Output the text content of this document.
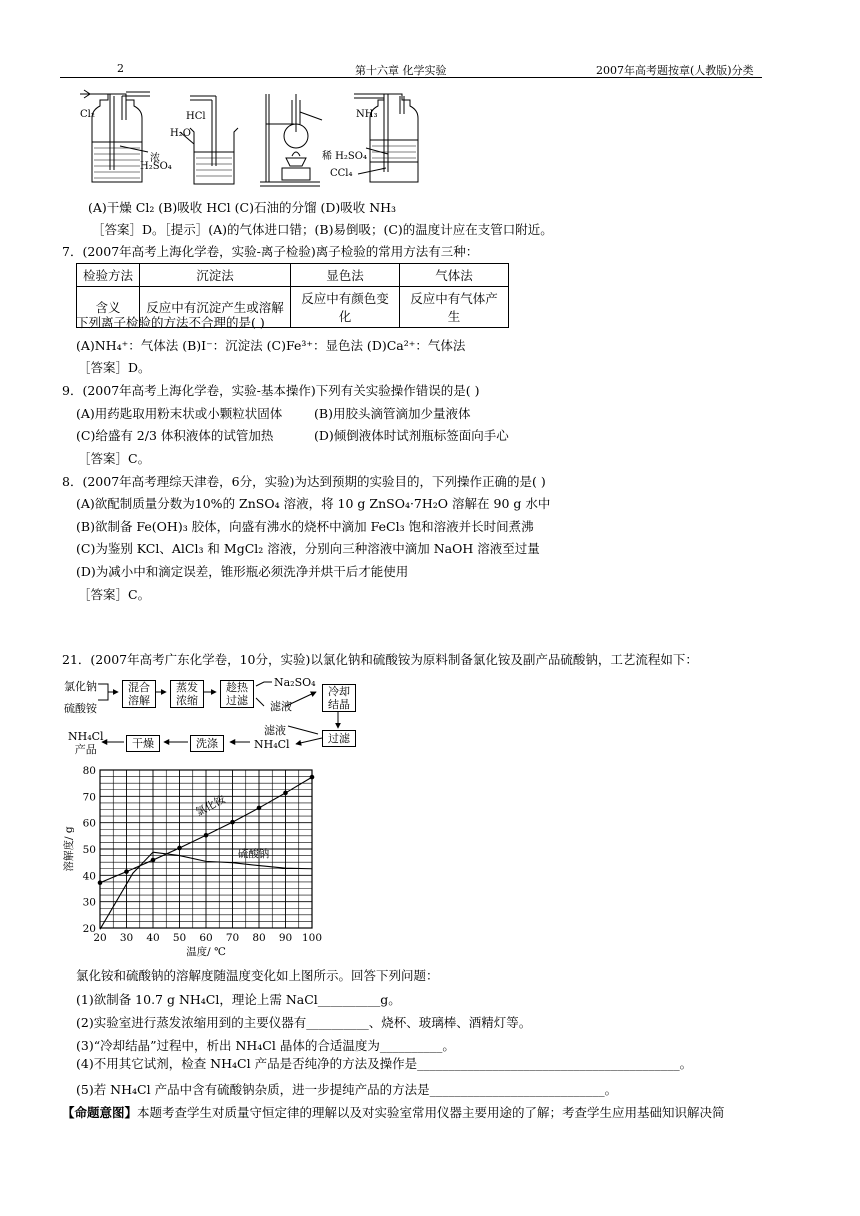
2	第十六章 化学实验	2007年高考题按章(人教版)分类
Cl₂
浓
H₂SO₄
HCl
H₂O
NH₃
稀 H₂SO₄
CCl₄
(A)干燥 Cl₂ (B)吸收 HCl (C)石油的分馏 (D)吸收 NH₃
［答案］D。［提示］(A)的气体进口错；(B)易倒吸；(C)的温度计应在支管口附近。
7．(2007年高考上海化学卷，实验-离子检验)离子检验的常用方法有三种：
检验方法	沉淀法	显色法	气体法
含义	反应中有沉淀产生或溶解	反应中有颜色变化	反应中有气体产生
下列离子检验的方法不合理的是( )
(A)NH₄⁺：气体法 (B)I⁻：沉淀法 (C)Fe³⁺：显色法 (D)Ca²⁺：气体法
［答案］D。
9．(2007年高考上海化学卷，实验-基本操作)下列有关实验操作错误的是( )
(A)用药匙取用粉末状或小颗粒状固体	(B)用胶头滴管滴加少量液体
(C)给盛有 2/3 体积液体的试管加热	(D)倾倒液体时试剂瓶标签面向手心
［答案］C。
8．(2007年高考理综天津卷，6分，实验)为达到预期的实验目的，下列操作正确的是( )
(A)欲配制质量分数为10%的 ZnSO₄ 溶液，将 10 g ZnSO₄·7H₂O 溶解在 90 g 水中
(B)欲制备 Fe(OH)₃ 胶体，向盛有沸水的烧杯中滴加 FeCl₃ 饱和溶液并长时间煮沸
(C)为鉴别 KCl、AlCl₃ 和 MgCl₂ 溶液，分别向三种溶液中滴加 NaOH 溶液至过量
(D)为减小中和滴定误差，锥形瓶必须洗净并烘干后才能使用
［答案］C。
21．(2007年高考广东化学卷，10分，实验)以氯化钠和硫酸铵为原料制备氯化铵及副产品硫酸钠，工艺流程如下：
氯化钠
硫酸铵
混合
溶解
蒸发
浓缩
趁热
过滤
Na₂SO₄
滤液
冷却
结晶
滤液
过滤
NH₄Cl
洗涤
干燥
NH₄Cl
产品
20 30 40 50 60 70 80 90 100
20
30
40
50
60
70
80
温度/ ℃
溶解度/ g
氯化铵
硫酸钠
氯化铵和硫酸钠的溶解度随温度变化如上图所示。回答下列问题：
(1)欲制备 10.7 g NH₄Cl，理论上需 NaCl__________g。
(2)实验室进行蒸发浓缩用到的主要仪器有__________、烧杯、玻璃棒、酒精灯等。
(3)“冷却结晶”过程中，析出 NH₄Cl 晶体的合适温度为__________。
(4)不用其它试剂，检查 NH₄Cl 产品是否纯净的方法及操作是__________________________________________。
(5)若 NH₄Cl 产品中含有硫酸钠杂质，进一步提纯产品的方法是____________________________。
【命题意图】本题考查学生对质量守恒定律的理解以及对实验室常用仪器主要用途的了解；考查学生应用基础知识解决简
